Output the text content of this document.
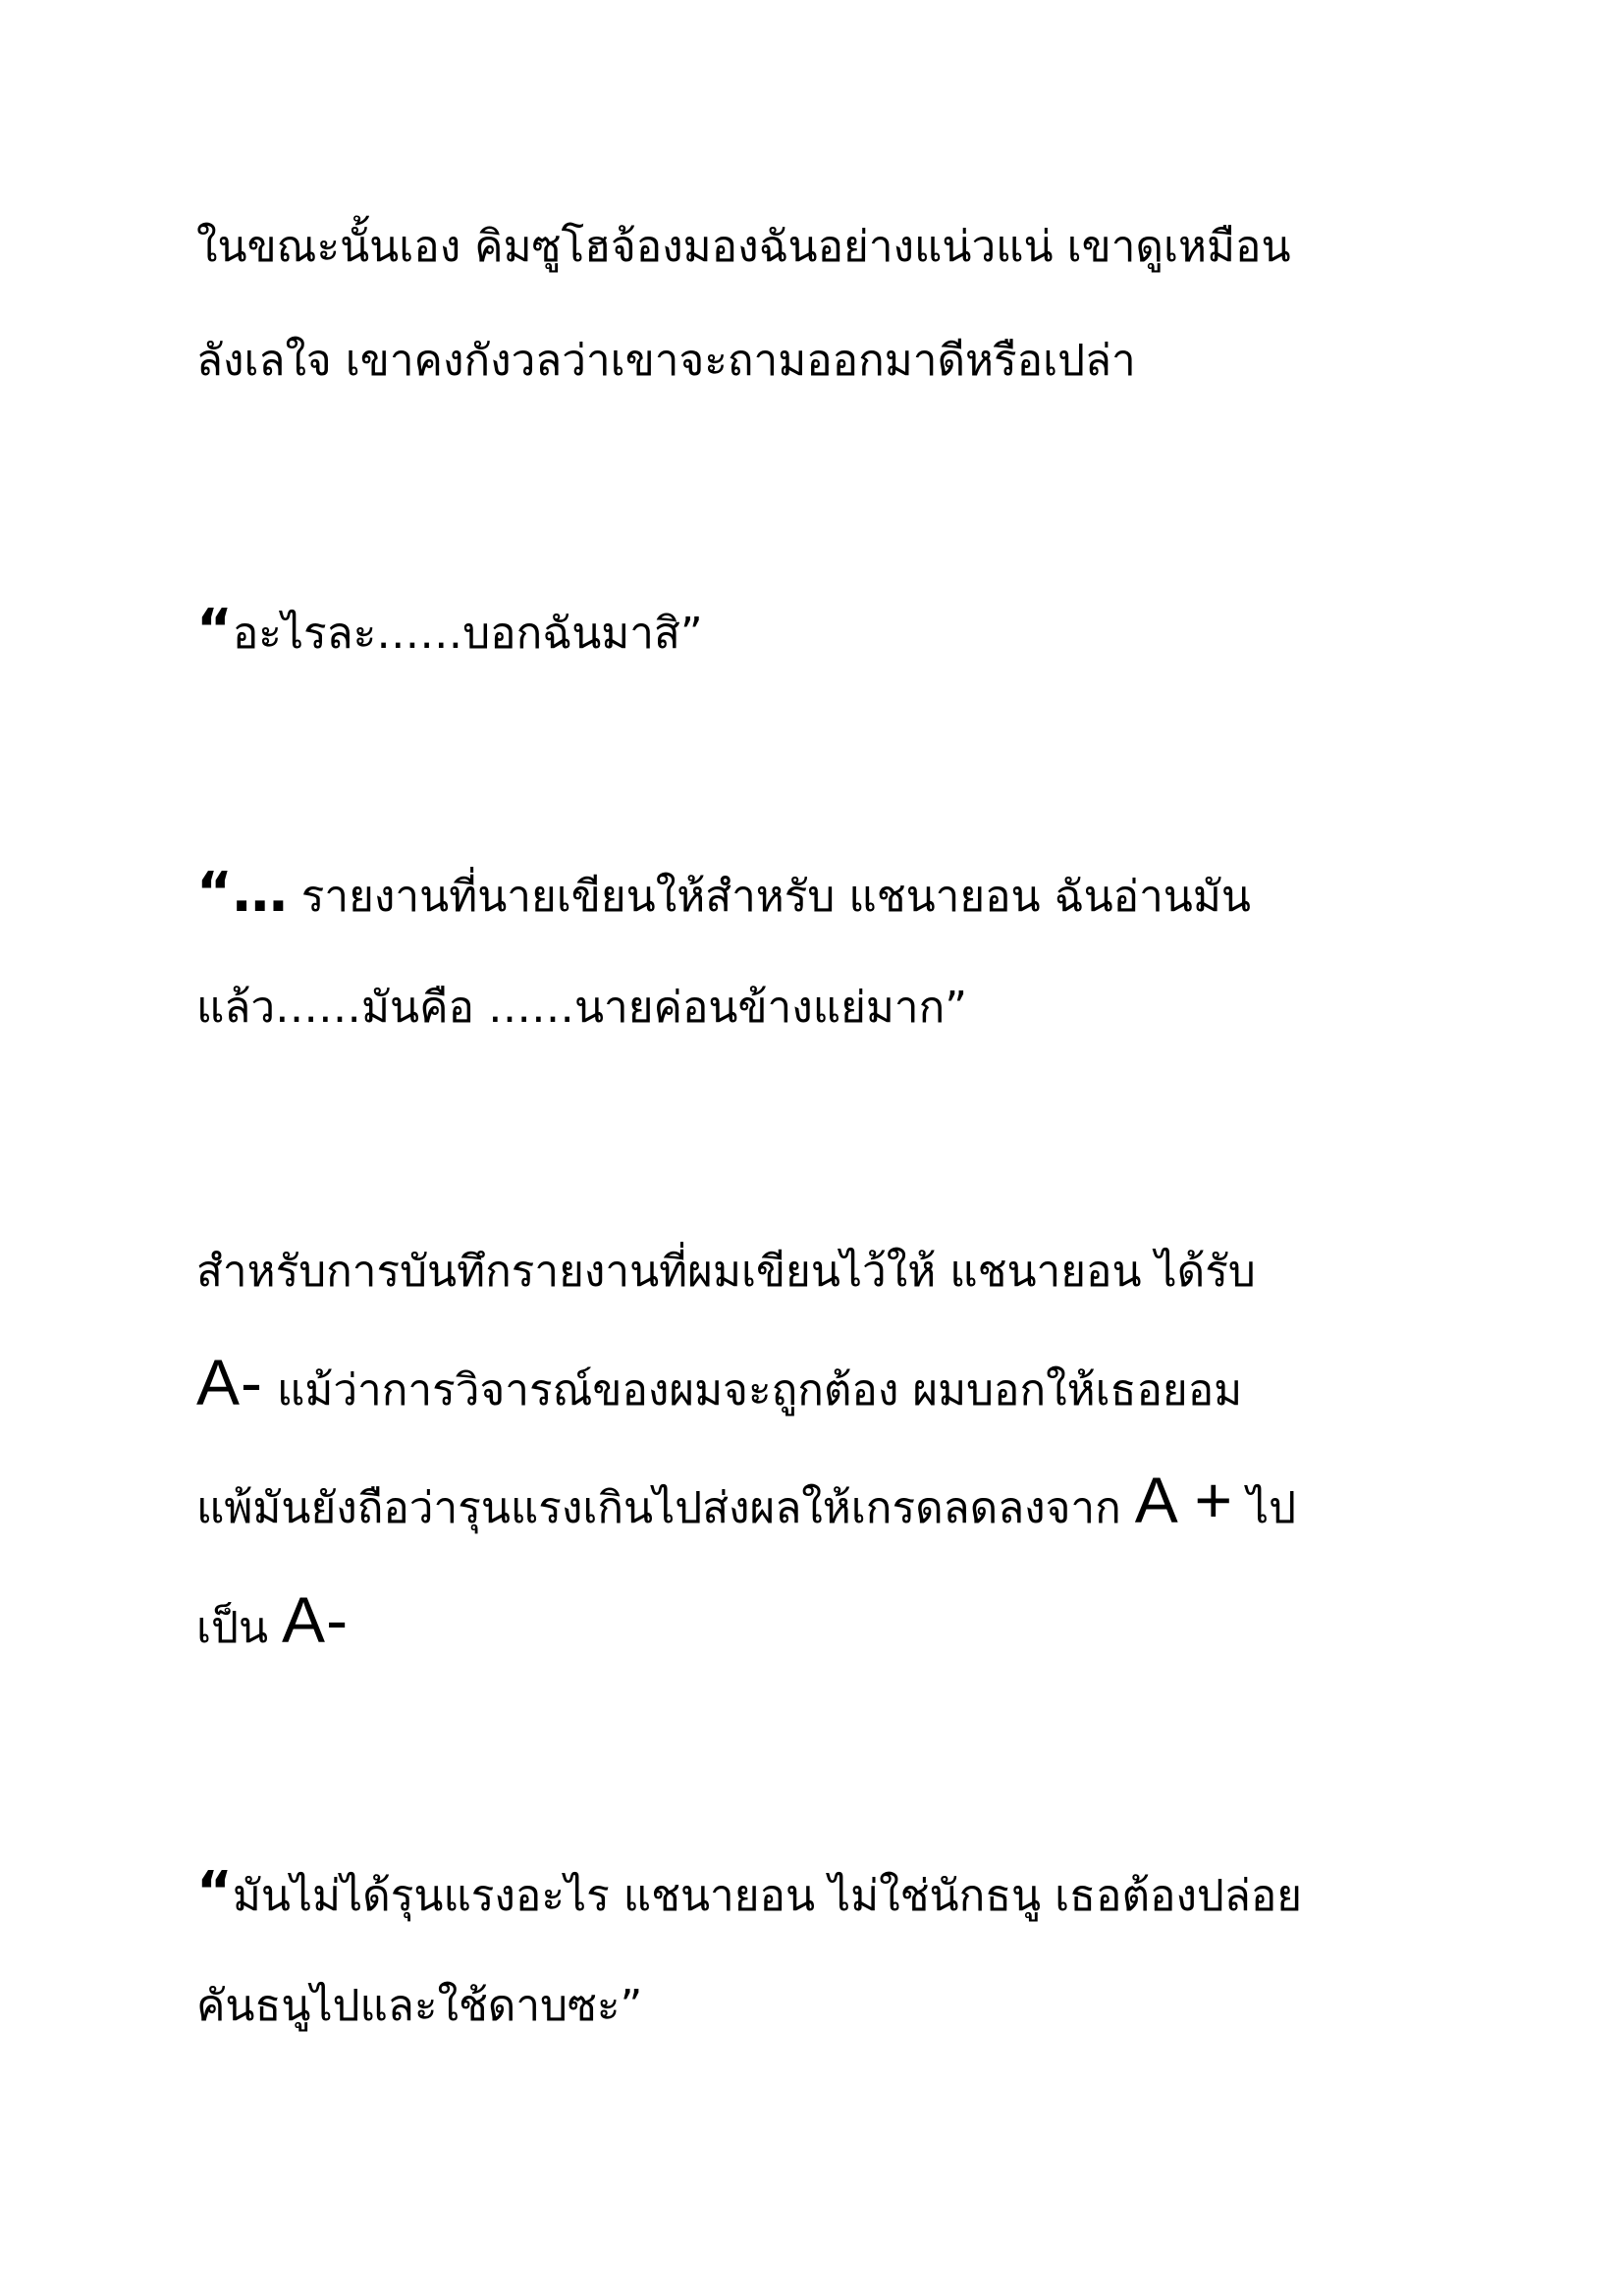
ในขณะนั้นเอง คิมซูโฮจ้องมองฉันอย่างแน่วแน่ เขาดูเหมือน

ลังเลใจ เขาคงกังวลว่าเขาจะถามออกมาดีหรือเปล่า

“อะไรละ……บอกฉันมาสิ”

“… รายงานที่นายเขียนให้สำหรับ แชนายอน ฉันอ่านมัน

แล้ว……มันคือ ……นายค่อนข้างแย่มาก”

สำหรับการบันทึกรายงานที่ผมเขียนไว้ให้ แชนายอน ได้รับ

A- แม้ว่าการวิจารณ์ของผมจะถูกต้อง ผมบอกให้เธอยอม

แพ้มันยังถือว่ารุนแรงเกินไปส่งผลให้เกรดลดลงจาก A + ไป

เป็น A-

“มันไม่ได้รุนแรงอะไร แชนายอน ไม่ใช่นักธนู เธอต้องปล่อย

คันธนูไปและใช้ดาบซะ”
